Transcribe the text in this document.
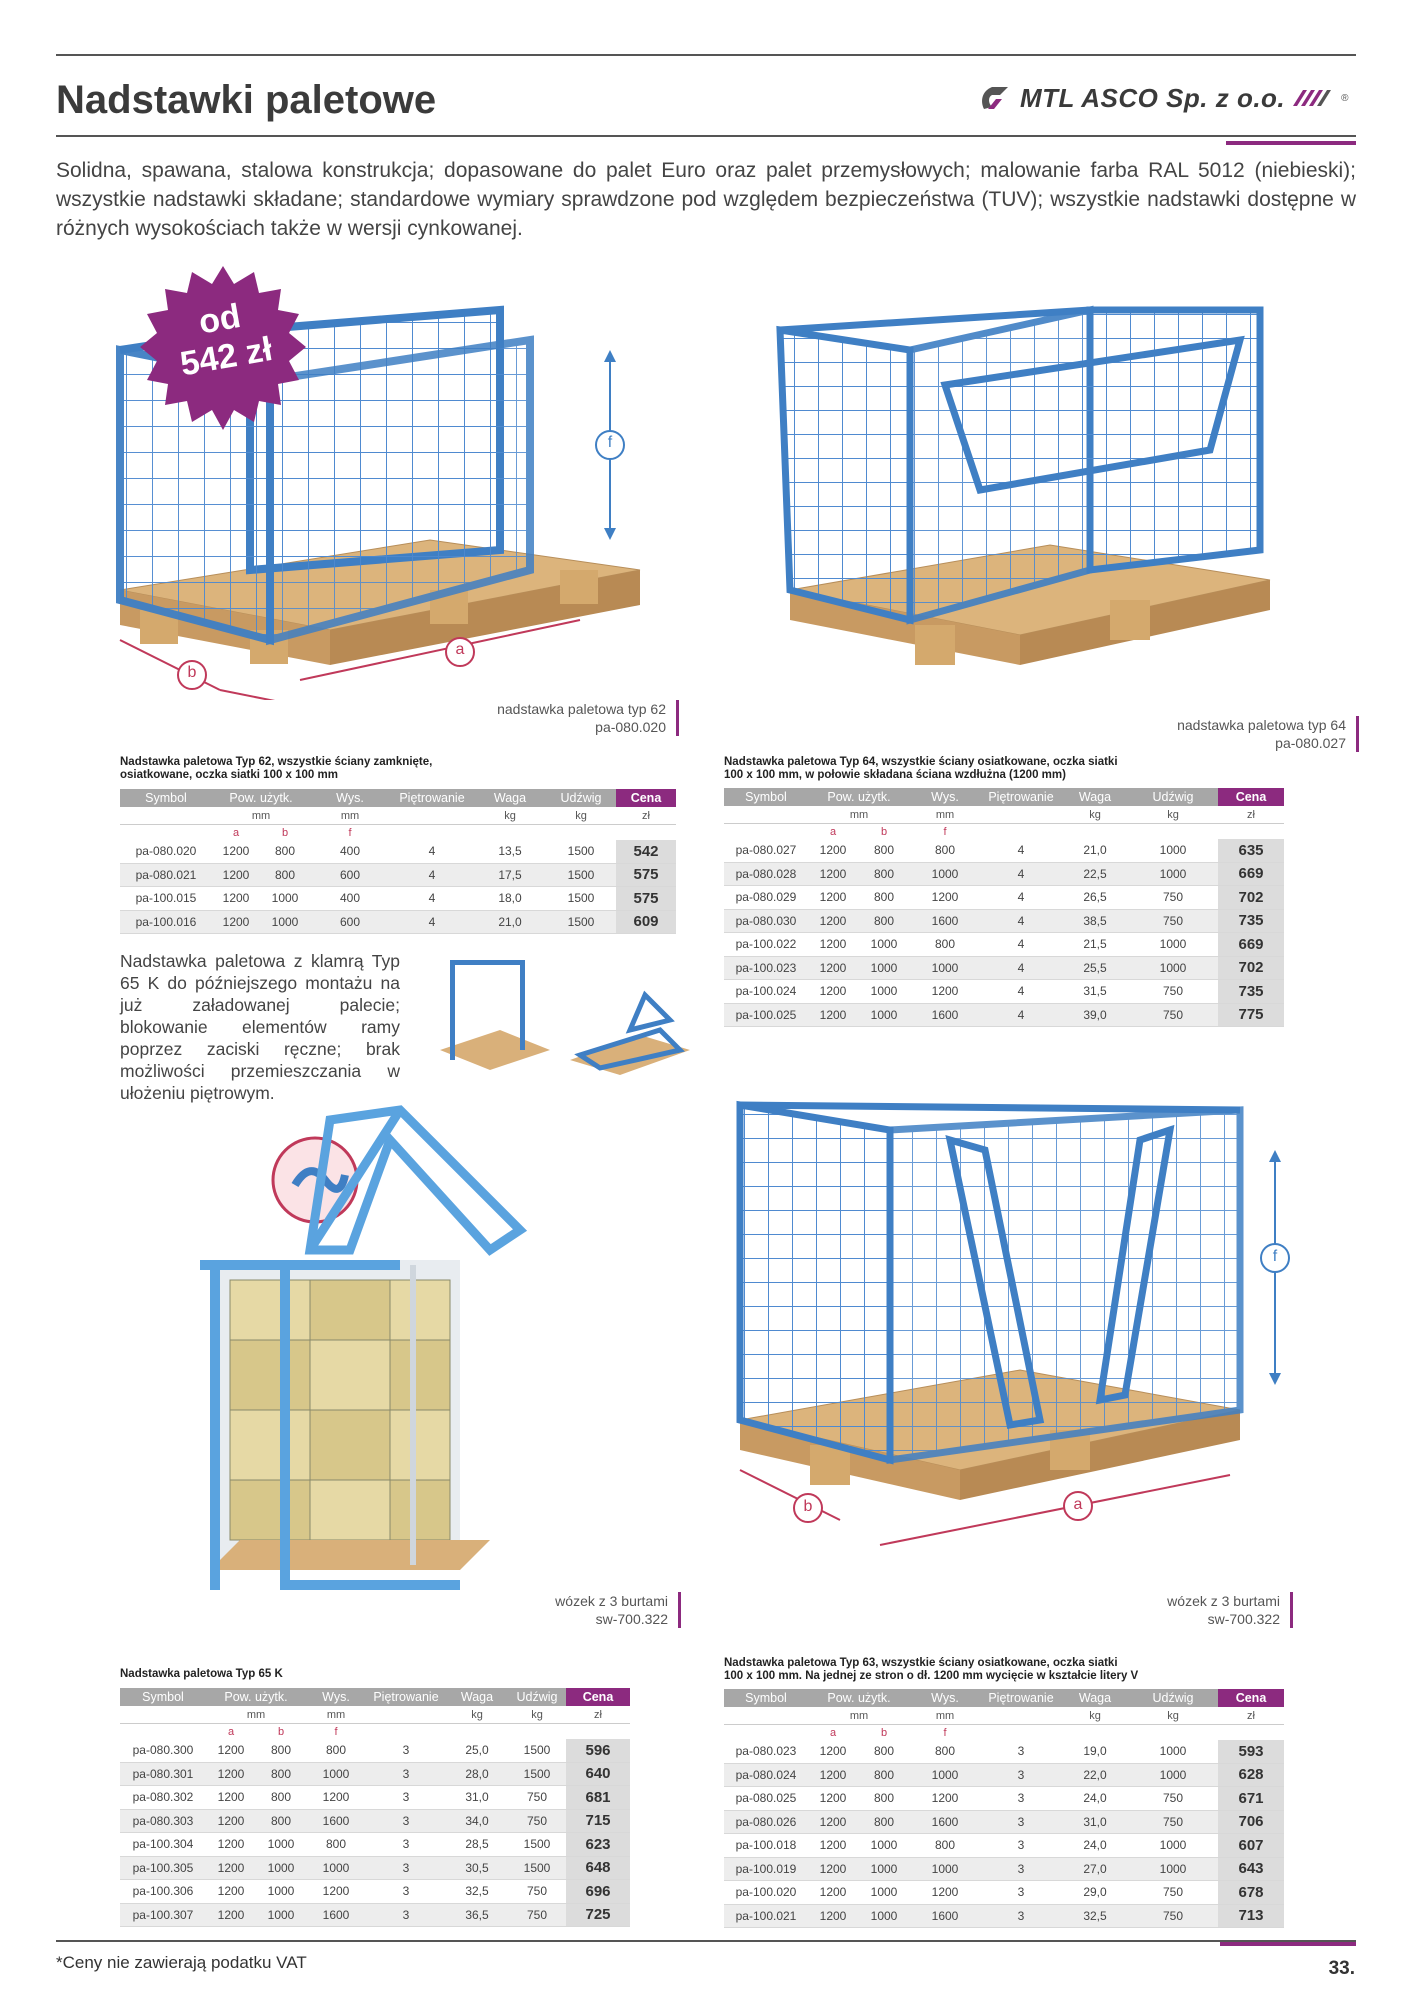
Nadstawki paletowe	MTL ASCO Sp. z o.o.	®

Solidna, spawana, stalowa konstrukcja; dopasowane do palet Euro oraz palet przemysłowych; malowanie farba RAL 5012 (niebieski); wszystkie nadstawki składane; standardowe wymiary sprawdzone pod względem bezpieczeństwa (TUV); wszystkie nadstawki dostępne w różnych wysokościach także w wersji cynkowanej.

f
b
a
od
542 zł
nadstawka paletowa typ 62
pa-080.020	nadstawka paletowa typ 64
pa-080.027
Nadstawka paletowa Typ 62, wszystkie ściany zamknięte,
osiatkowane, oczka siatki 100 x 100 mm
Symbol	Pow. użytk.		Wys.	Piętrowanie	Waga	Udźwig	Cena
	mm		mm		kg	kg	zł
	a	b	f				
pa-080.020	1200	800	400	4	13,5	1500	542
pa-080.021	1200	800	600	4	17,5	1500	575
pa-100.015	1200	1000	400	4	18,0	1500	575
pa-100.016	1200	1000	600	4	21,0	1500	609
Nadstawka paletowa Typ 64, wszystkie ściany osiatkowane, oczka siatki
100 x 100 mm, w połowie składana ściana wzdłużna (1200 mm)
Symbol	Pow. użytk.		Wys.	Piętrowanie	Waga	Udźwig	Cena
	mm		mm		kg	kg	zł
	a	b	f				
pa-080.027	1200	800	800	4	21,0	1000	635
pa-080.028	1200	800	1000	4	22,5	1000	669
pa-080.029	1200	800	1200	4	26,5	750	702
pa-080.030	1200	800	1600	4	38,5	750	735
pa-100.022	1200	1000	800	4	21,5	1000	669
pa-100.023	1200	1000	1000	4	25,5	1000	702
pa-100.024	1200	1000	1200	4	31,5	750	735
pa-100.025	1200	1000	1600	4	39,0	750	775

Nadstawka paletowa z klamrą Typ 65 K do późniejszego montażu na już załadowanej palecie; blokowanie elementów ramy poprzez zaciski ręczne; brak możliwości przemieszczania w ułożeniu piętrowym.

wózek z 3 burtami
sw-700.322
f
b	a
wózek z 3 burtami
sw-700.322
Nadstawka paletowa Typ 65 K
Symbol	Pow. użytk.		Wys.	Piętrowanie	Waga	Udźwig	Cena
	mm		mm		kg	kg	zł
	a	b	f				
pa-080.300	1200	800	800	3	25,0	1500	596
pa-080.301	1200	800	1000	3	28,0	1500	640
pa-080.302	1200	800	1200	3	31,0	750	681
pa-080.303	1200	800	1600	3	34,0	750	715
pa-100.304	1200	1000	800	3	28,5	1500	623
pa-100.305	1200	1000	1000	3	30,5	1500	648
pa-100.306	1200	1000	1200	3	32,5	750	696
pa-100.307	1200	1000	1600	3	36,5	750	725
Nadstawka paletowa Typ 63, wszystkie ściany osiatkowane, oczka siatki
100 x 100 mm. Na jednej ze stron o dł. 1200 mm wycięcie w kształcie litery V
Symbol	Pow. użytk.		Wys.	Piętrowanie	Waga	Udźwig	Cena
	mm		mm		kg	kg	zł
	a	b	f				
pa-080.023	1200	800	800	3	19,0	1000	593
pa-080.024	1200	800	1000	3	22,0	1000	628
pa-080.025	1200	800	1200	3	24,0	750	671
pa-080.026	1200	800	1600	3	31,0	750	706
pa-100.018	1200	1000	800	3	24,0	1000	607
pa-100.019	1200	1000	1000	3	27,0	1000	643
pa-100.020	1200	1000	1200	3	29,0	750	678
pa-100.021	1200	1000	1600	3	32,5	750	713
*Ceny nie zawierają podatku VAT	33.
